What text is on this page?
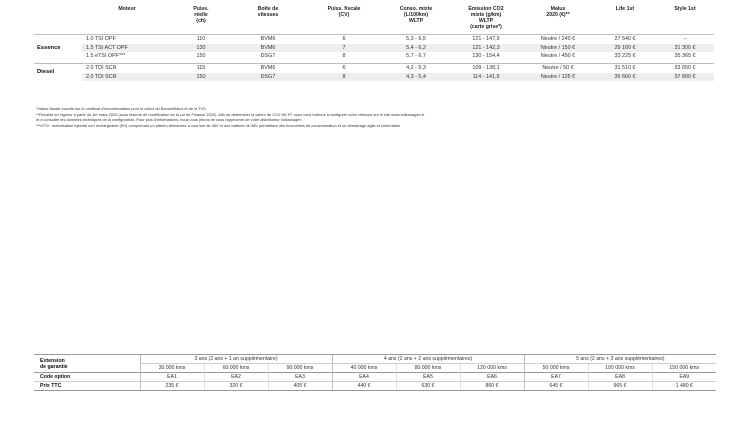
	Moteur	Puiss.
réelle
(ch)	Boîte de
vitesses	Puiss. fiscale
(CV)	Conso. mixte
(L/100km)
WLTP	Émission CO2
mixte (g/km)
WLTP
(carte grise*)	Malus
2020 (€)**	Life 1st	Style 1st
Essence	1.0 TSI OPF	110	BVM6	6	5,3 - 6,5	121 - 147,9	Neutre / 240 €	27 540 €	–
	1.5 TSI ACT OPF	130	BVM6	7	5,4 - 6,2	121 - 142,3	Neutre / 150 €	29 160 €	31 300 €
	1.5 eTSI OPF***	150	DSG7	8	5,7 - 6,7	130 - 154,4	Neutre / 450 €	33 225 €	35 365 €

Diesel	2.0 TDI SCR	115	BVM6	6	4,2 - 5,3	109 - 138,1	Neutre / 50 €	31 510 €	33 650 €
	2.0 TDI SCR	150	DSG7	8	4,3 - 5,4	114 - 141,9	Neutre / 125 €	35 660 €	37 800 €

*Valeur fiscale inscrite sur le certificat d'immatriculation pour le calcul du Bonus/Malus et de la TVS.

**Fiscalité en vigueur à partir du 1er mars 2020 (sous réserve de modification de la Loi de Finance 2020). Afin de déterminer la valeur de CO2 WLTP, nous vous invitons à configurer votre véhicule sur le site www.volkswagen.fr

et à consulter les données techniques de la configuration. Pour plus d'informations, nous vous prions de vous rapprocher de votre distributeur Volkswagen.

***eTSI : motorisation hybride non rechargeable (EH) comprenant un alterno-démarreur à courroie de 48V et une batterie de 48V permettant des économies de consommation et un démarrage agile et confortable

Extension
de garantie	3 ans (2 ans + 1 an supplémentaire)			4 ans (2 ans + 2 ans supplémentaires)			5 ans (2 ans + 3 ans supplémentaires)		
	30 000 kms	60 000 kms	90 000 kms	40 000 kms	80 000 kms	120 000 kms	50 000 kms	100 000 kms	150 000 kms
Code option	EA1	EA2	EA3	EA4	EA5	EA6	EA7	EA8	EA9
Prix TTC	235 €	320 €	405 €	440 €	630 €	860 €	645 €	965 €	1 480 €
